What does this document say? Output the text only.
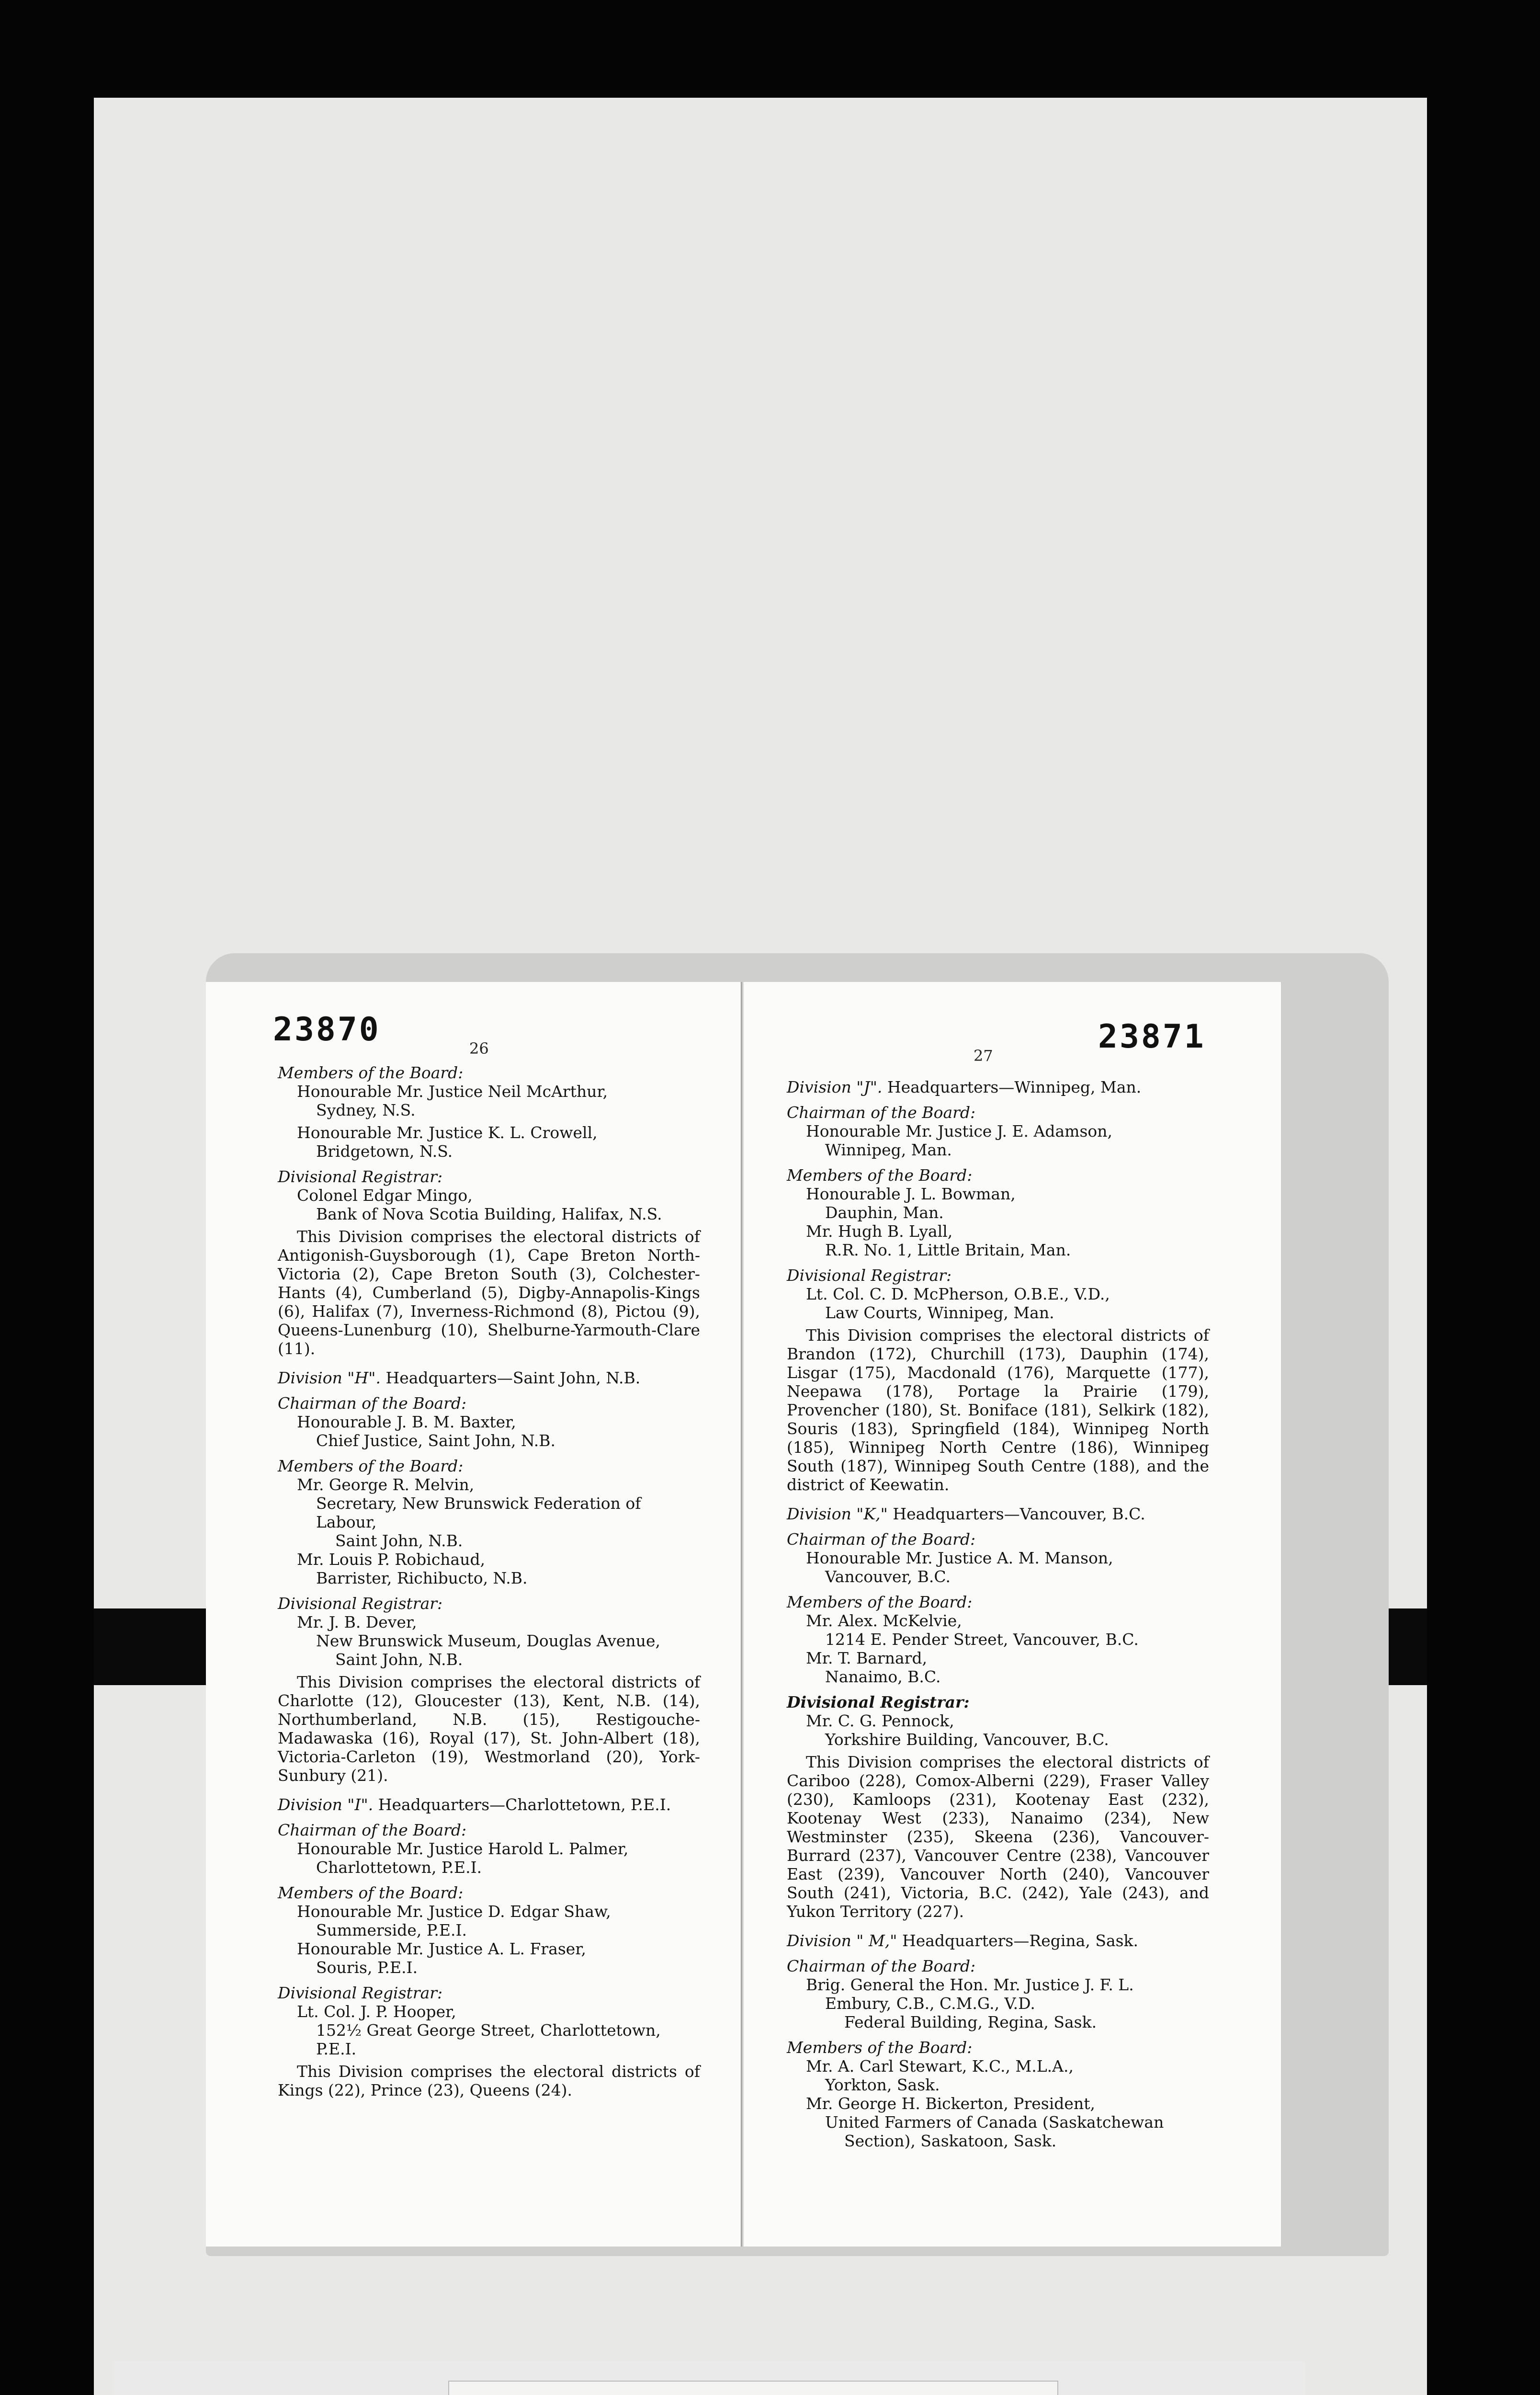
23870	26
Members of the Board:
Honourable Mr. Justice Neil McArthur,
Sydney, N.S.
Honourable Mr. Justice K. L. Crowell,
Bridgetown, N.S.
Divisional Registrar:
Colonel Edgar Mingo,
Bank of Nova Scotia Building, Halifax, N.S.
This Division comprises the electoral districts of Antigonish-Guysborough (1), Cape Breton North-Victoria (2), Cape Breton South (3), Colchester-Hants (4), Cumberland (5), Digby-Annapolis-Kings (6), Halifax (7), Inverness-Richmond (8), Pictou (9), Queens-Lunenburg (10), Shelburne-Yarmouth-Clare (11).
Division "H". Headquarters—Saint John, N.B.
Chairman of the Board:
Honourable J. B. M. Baxter,
Chief Justice, Saint John, N.B.
Members of the Board:
Mr. George R. Melvin,
Secretary, New Brunswick Federation of Labour,
Saint John, N.B.
Mr. Louis P. Robichaud,
Barrister, Richibucto, N.B.
Divisional Registrar:
Mr. J. B. Dever,
New Brunswick Museum, Douglas Avenue,
Saint John, N.B.
This Division comprises the electoral districts of Charlotte (12), Gloucester (13), Kent, N.B. (14), Northumberland, N.B. (15), Restigouche-Madawaska (16), Royal (17), St. John-Albert (18), Victoria-Carleton (19), Westmorland (20), York-Sunbury (21).
Division "I". Headquarters—Charlottetown, P.E.I.
Chairman of the Board:
Honourable Mr. Justice Harold L. Palmer,
Charlottetown, P.E.I.
Members of the Board:
Honourable Mr. Justice D. Edgar Shaw,
Summerside, P.E.I.
Honourable Mr. Justice A. L. Fraser,
Souris, P.E.I.
Divisional Registrar:
Lt. Col. J. P. Hooper,
152½ Great George Street, Charlottetown, P.E.I.
This Division comprises the electoral districts of Kings (22), Prince (23), Queens (24).
27	23871
Division "J". Headquarters—Winnipeg, Man.
Chairman of the Board:
Honourable Mr. Justice J. E. Adamson,
Winnipeg, Man.
Members of the Board:
Honourable J. L. Bowman,
Dauphin, Man.
Mr. Hugh B. Lyall,
R.R. No. 1, Little Britain, Man.
Divisional Registrar:
Lt. Col. C. D. McPherson, O.B.E., V.D.,
Law Courts, Winnipeg, Man.
This Division comprises the electoral districts of Brandon (172), Churchill (173), Dauphin (174), Lisgar (175), Macdonald (176), Marquette (177), Neepawa (178), Portage la Prairie (179), Provencher (180), St. Boniface (181), Selkirk (182), Souris (183), Springfield (184), Winnipeg North (185), Winnipeg North Centre (186), Winnipeg South (187), Winnipeg South Centre (188), and the district of Keewatin.
Division "K," Headquarters—Vancouver, B.C.
Chairman of the Board:
Honourable Mr. Justice A. M. Manson,
Vancouver, B.C.
Members of the Board:
Mr. Alex. McKelvie,
1214 E. Pender Street, Vancouver, B.C.
Mr. T. Barnard,
Nanaimo, B.C.
Divisional Registrar:
Mr. C. G. Pennock,
Yorkshire Building, Vancouver, B.C.
This Division comprises the electoral districts of Cariboo (228), Comox-Alberni (229), Fraser Valley (230), Kamloops (231), Kootenay East (232), Kootenay West (233), Nanaimo (234), New Westminster (235), Skeena (236), Vancouver-Burrard (237), Vancouver Centre (238), Vancouver East (239), Vancouver North (240), Vancouver South (241), Victoria, B.C. (242), Yale (243), and Yukon Territory (227).
Division " M," Headquarters—Regina, Sask.
Chairman of the Board:
Brig. General the Hon. Mr. Justice J. F. L.
Embury, C.B., C.M.G., V.D.
Federal Building, Regina, Sask.
Members of the Board:
Mr. A. Carl Stewart, K.C., M.L.A.,
Yorkton, Sask.
Mr. George H. Bickerton, President,
United Farmers of Canada (Saskatchewan
Section), Saskatoon, Sask.
